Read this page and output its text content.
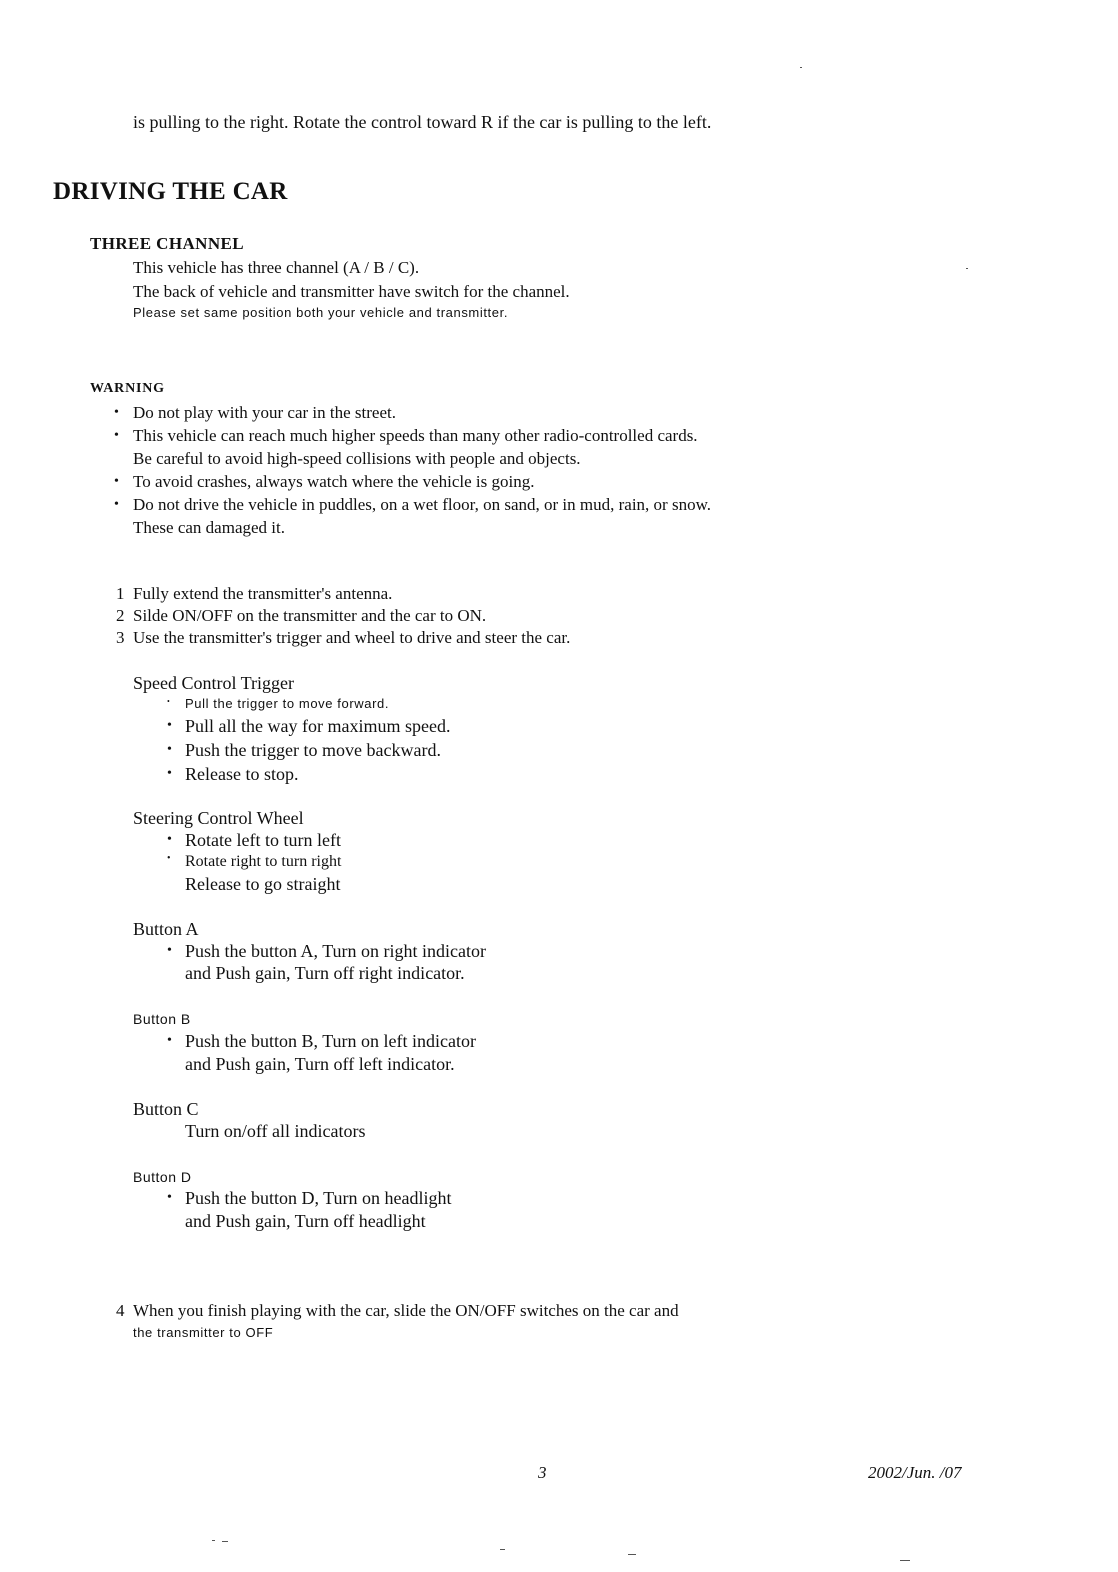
is pulling to the right. Rotate the control toward R if the car is pulling to the left.
DRIVING THE CAR
THREE CHANNEL
This vehicle has three channel (A / B / C).
The back of vehicle and transmitter have switch for the channel.
Please set same position both your vehicle and transmitter.
WARNING
• Do not play with your car in the street.
• This vehicle can reach much higher speeds than many other radio-controlled cards.
Be careful to avoid high-speed collisions with people and objects.
• To avoid crashes, always watch where the vehicle is going.
• Do not drive the vehicle in puddles, on a wet floor, on sand, or in mud, rain, or snow.
These can damaged it.
1 Fully extend the transmitter's antenna.
2 Silde ON/OFF on the transmitter and the car to ON.
3 Use the transmitter's trigger and wheel to drive and steer the car.
Speed Control Trigger
• Pull the trigger to move forward.
• Pull all the way for maximum speed.
• Push the trigger to move backward.
• Release to stop.
Steering Control Wheel
• Rotate left to turn left
• Rotate right to turn right
Release to go straight
Button A
• Push the button A, Turn on right indicator
and Push gain, Turn off right indicator.
Button B
• Push the button B, Turn on left indicator
and Push gain, Turn off left indicator.
Button C
Turn on/off all indicators
Button D
• Push the button D, Turn on headlight
and Push gain, Turn off headlight
4 When you finish playing with the car, slide the ON/OFF switches on the car and
the transmitter to OFF
3	2002/Jun. /07
